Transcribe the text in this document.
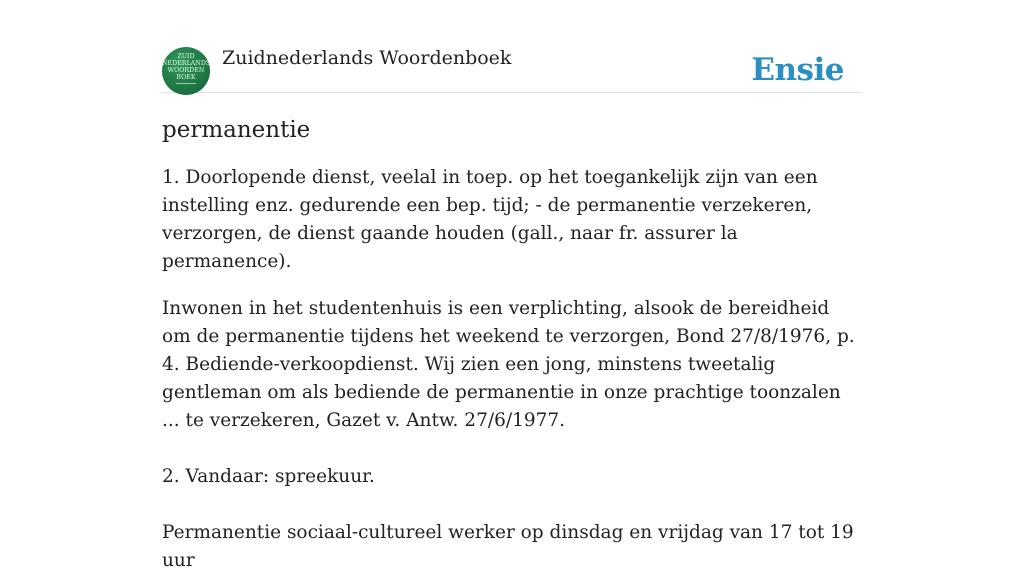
ZUID
NEDERLANDS
WOORDEN
BOEK
Zuidnederlands Woordenboek	Ensie
permanentie

1. Doorlopende dienst, veelal in toep. op het toegankelijk zijn van een instelling enz. gedurende een bep. tijd; - de permanentie verzekeren, verzorgen, de dienst gaande houden (gall., naar fr. assurer la permanence).

Inwonen in het studentenhuis is een verplichting, alsook de bereidheid om de permanentie tijdens het weekend te verzorgen, Bond 27/8/1976, p. 4. Bediende-verkoopdienst. Wij zien een jong, minstens tweetalig gentleman om als bediende de permanentie in onze prachtige toonzalen ... te verzekeren, Gazet v. Antw. 27/6/1977.

2. Vandaar: spreekuur.

Permanentie sociaal-cultureel werker op dinsdag en vrijdag van 17 tot 19 uur
